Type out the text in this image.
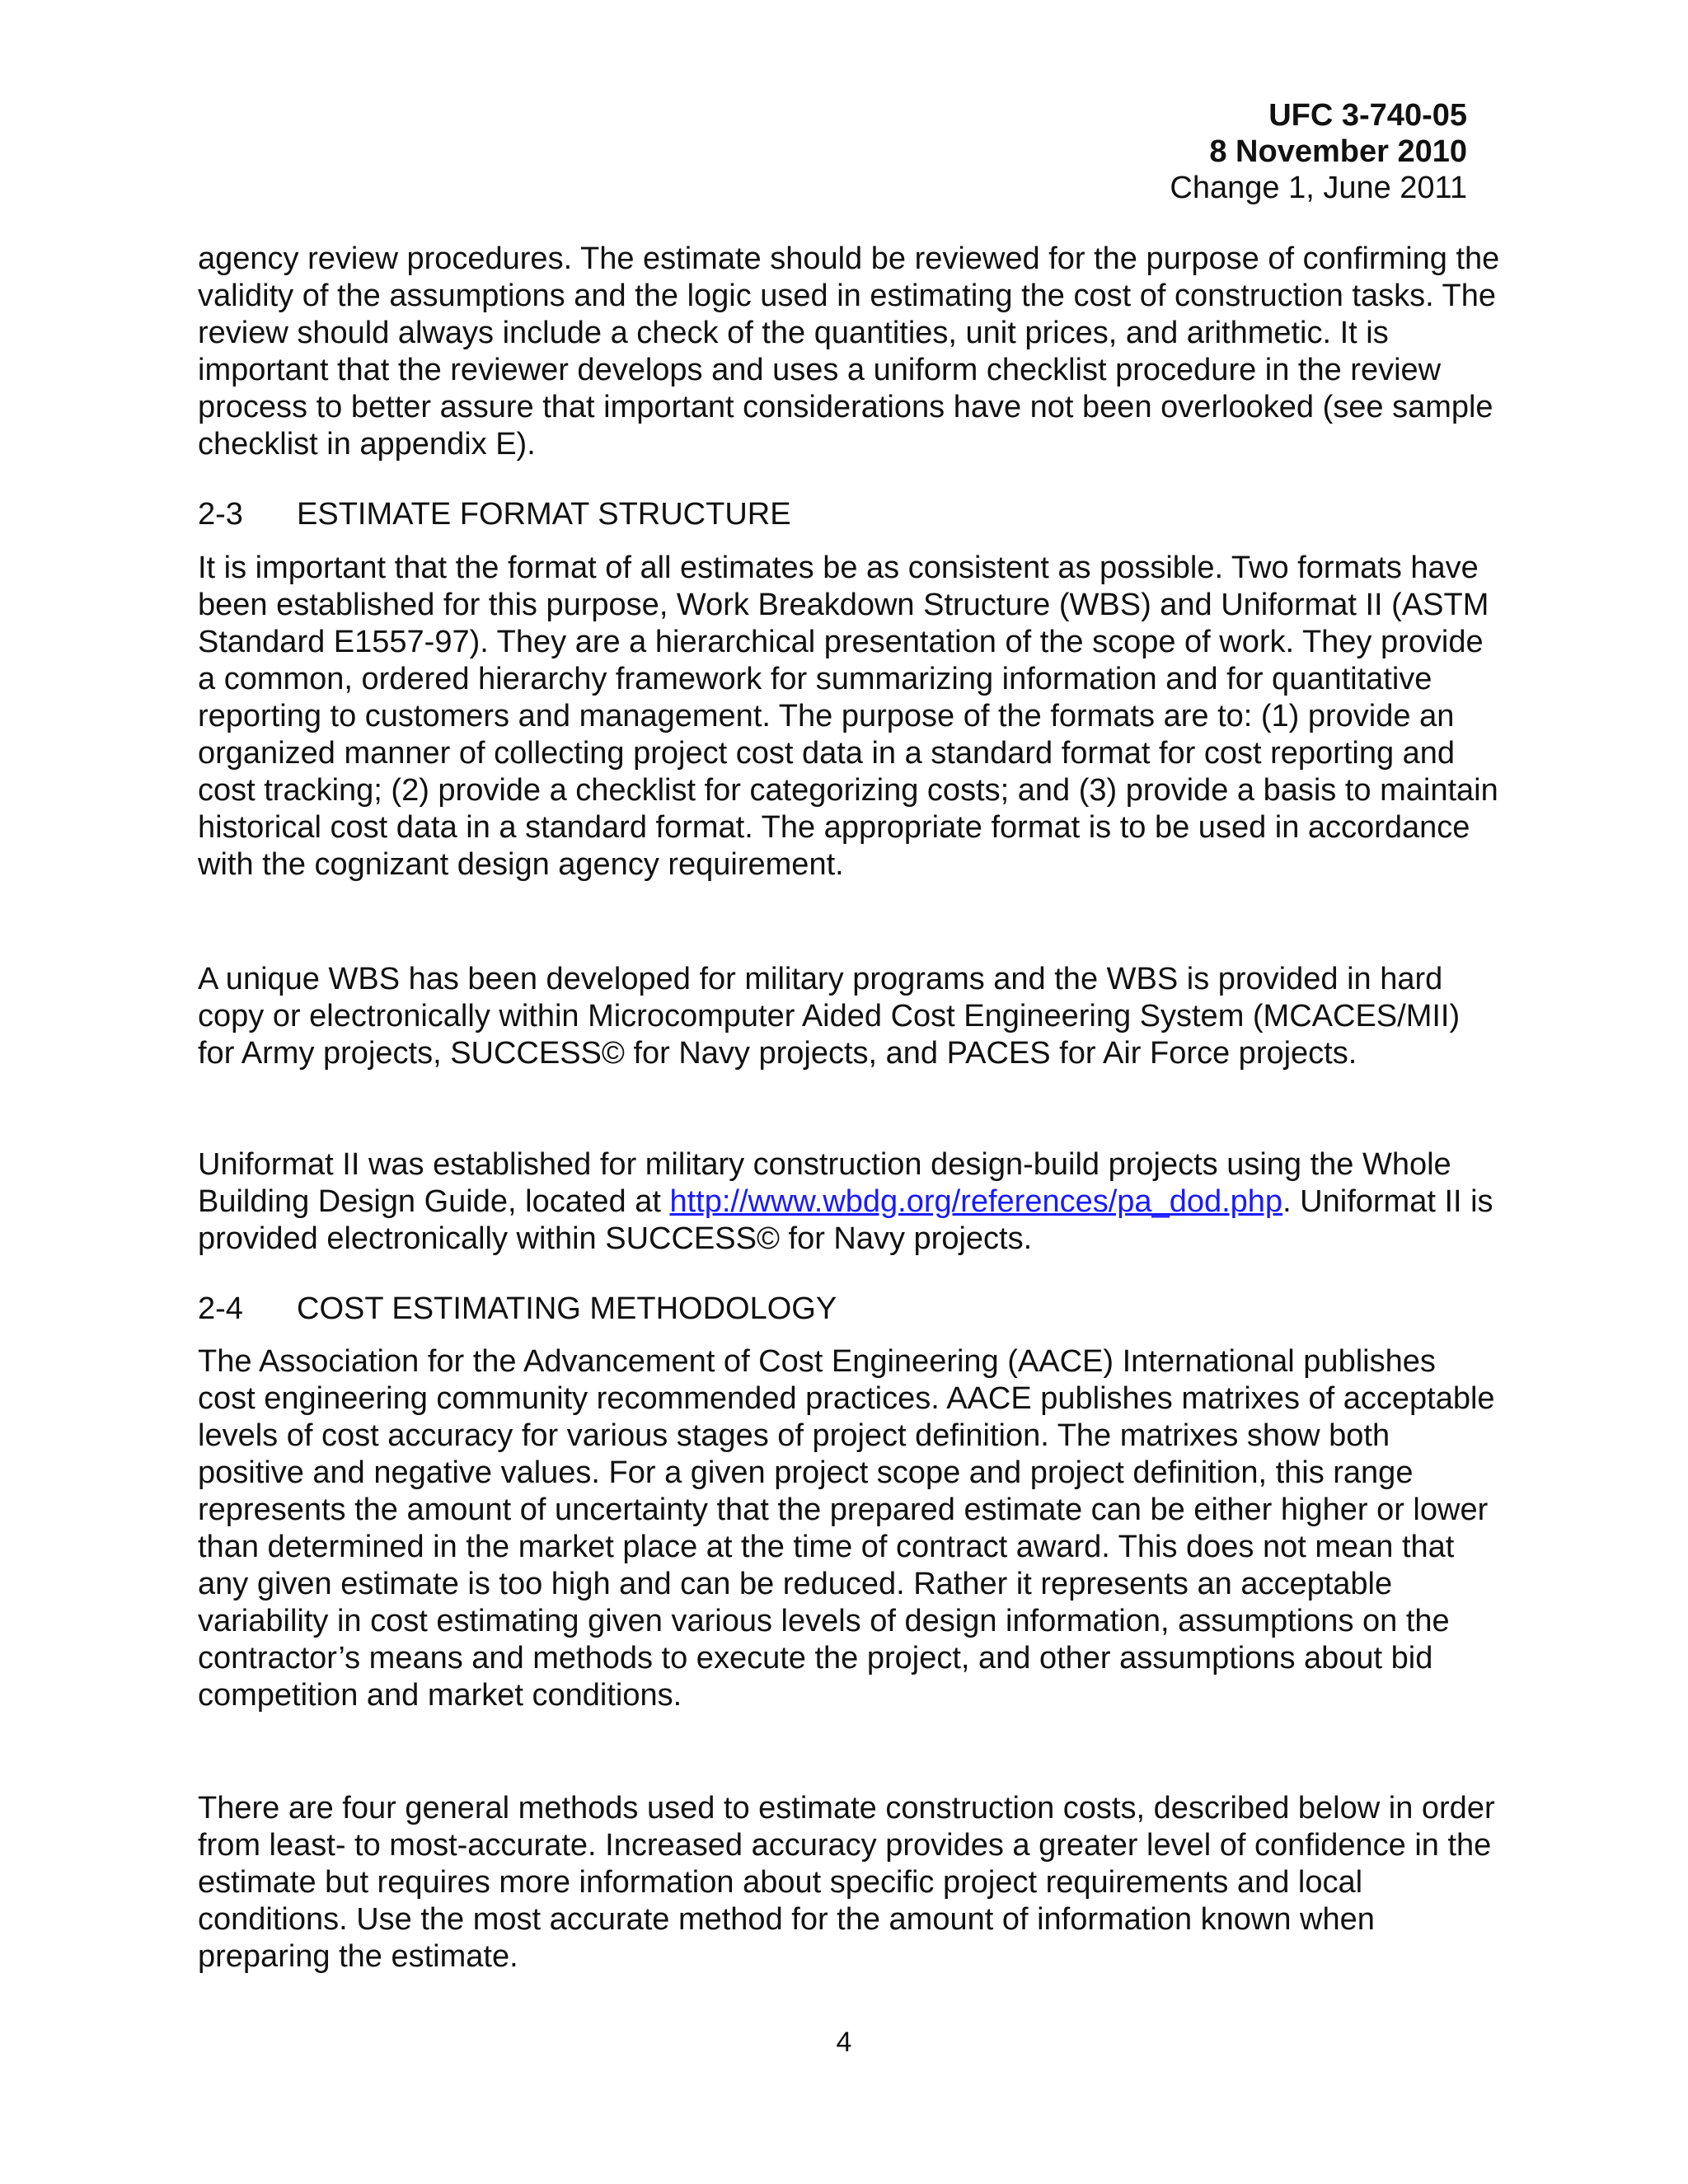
UFC 3-740-05
8 November 2010
Change 1, June 2011

agency review procedures. The estimate should be reviewed for the purpose of confirming the validity of the assumptions and the logic used in estimating the cost of construction tasks. The review should always include a check of the quantities, unit prices, and arithmetic. It is important that the reviewer develops and uses a uniform checklist procedure in the review process to better assure that important considerations have not been overlooked (see sample checklist in appendix E).

2-3 ESTIMATE FORMAT STRUCTURE

It is important that the format of all estimates be as consistent as possible. Two formats have been established for this purpose, Work Breakdown Structure (WBS) and Uniformat II (ASTM Standard E1557-97). They are a hierarchical presentation of the scope of work. They provide a common, ordered hierarchy framework for summarizing information and for quantitative reporting to customers and management. The purpose of the formats are to: (1) provide an organized manner of collecting project cost data in a standard format for cost reporting and cost tracking; (2) provide a checklist for categorizing costs; and (3) provide a basis to maintain historical cost data in a standard format. The appropriate format is to be used in accordance with the cognizant design agency requirement.

A unique WBS has been developed for military programs and the WBS is provided in hard copy or electronically within Microcomputer Aided Cost Engineering System (MCACES/MII) for Army projects, SUCCESS© for Navy projects, and PACES for Air Force projects.

Uniformat II was established for military construction design-build projects using the Whole Building Design Guide, located at http://www.wbdg.org/references/pa_dod.php. Uniformat II is provided electronically within SUCCESS© for Navy projects.

2-4 COST ESTIMATING METHODOLOGY

The Association for the Advancement of Cost Engineering (AACE) International publishes cost engineering community recommended practices. AACE publishes matrixes of acceptable levels of cost accuracy for various stages of project definition. The matrixes show both positive and negative values. For a given project scope and project definition, this range represents the amount of uncertainty that the prepared estimate can be either higher or lower than determined in the market place at the time of contract award. This does not mean that any given estimate is too high and can be reduced. Rather it represents an acceptable variability in cost estimating given various levels of design information, assumptions on the contractor’s means and methods to execute the project, and other assumptions about bid competition and market conditions.

There are four general methods used to estimate construction costs, described below in order from least- to most-accurate. Increased accuracy provides a greater level of confidence in the estimate but requires more information about specific project requirements and local conditions. Use the most accurate method for the amount of information known when preparing the estimate.

4
